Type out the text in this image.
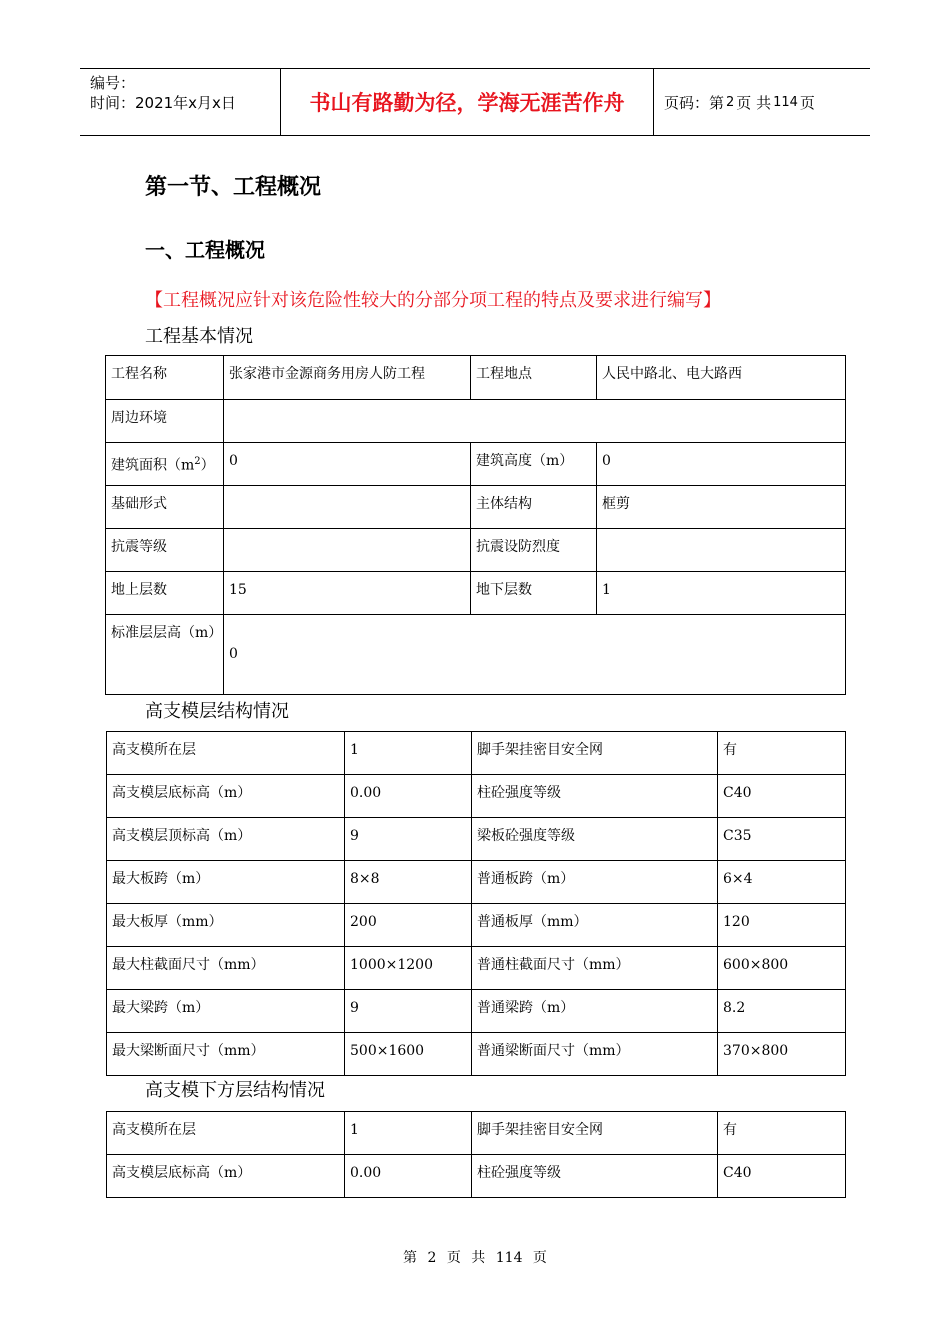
编号：
时间：2021年x月x日	书山有路勤为径，学海无涯苦作舟	页码：第 2 页 共 114 页
第一节、工程概况
一、工程概况
【工程概况应针对该危险性较大的分部分项工程的特点及要求进行编写】
工程基本情况
工程名称	张家港市金源商务用房人防工程	工程地点	人民中路北、电大路西
周边环境			
建筑面积$(m^2)$	0	建筑高度（m）	0
基础形式		主体结构	框剪
抗震等级		抗震设防烈度	
地上层数	15	地下层数	1
标准层层高（m）	0		
高支模层结构情况
高支模所在层	1	脚手架挂密目安全网	有
高支模层底标高（m）	0.00	柱砼强度等级	C40
高支模层顶标高（m）	9	梁板砼强度等级	C35
最大板跨（m）	8×8	普通板跨（m）	6×4
最大板厚（mm）	200	普通板厚（mm）	120
最大柱截面尺寸（mm）	1000×1200	普通柱截面尺寸（mm）	600×800
最大梁跨（m）	9	普通梁跨（m）	8.2
最大梁断面尺寸（mm）	500×1600	普通梁断面尺寸（mm）	370×800
高支模下方层结构情况
高支模所在层	1	脚手架挂密目安全网	有
高支模层底标高（m）	0.00	柱砼强度等级	C40
第 2 页 共 114 页
